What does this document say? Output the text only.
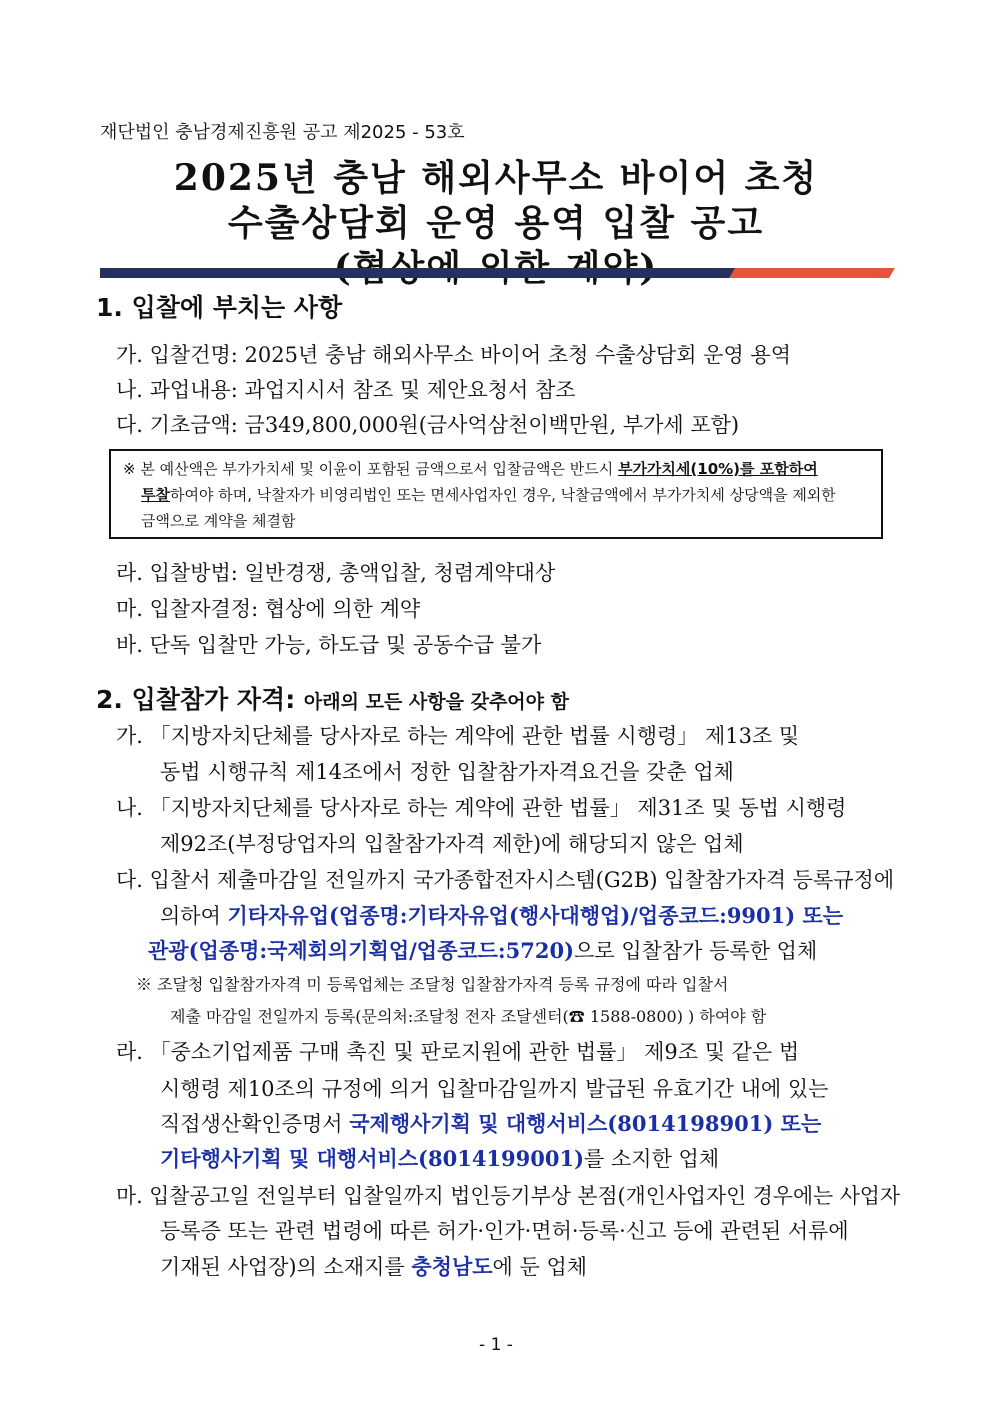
재단법인 충남경제진흥원 공고 제2025 - 53호
2025년 충남 해외사무소 바이어 초청
수출상담회 운영 용역 입찰 공고
1. 입찰에 부치는 사항
가. 입찰건명: 2025년 충남 해외사무소 바이어 초청 수출상담회 운영 용역
나. 과업내용: 과업지시서 참조 및 제안요청서 참조
다. 기초금액: 금349,800,000원(금사억삼천이백만원, 부가세 포함)
※ 본 예산액은 부가가치세 및 이윤이 포함된 금액으로서 입찰금액은 반드시 부가가치세(10%)를 포함하여
투찰하여야 하며, 낙찰자가 비영리법인 또는 면세사업자인 경우, 낙찰금액에서 부가가치세 상당액을 제외한
금액으로 계약을 체결함
라. 입찰방법: 일반경쟁, 총액입찰, 청렴계약대상
마. 입찰자결정: 협상에 의한 계약
바. 단독 입찰만 가능, 하도급 및 공동수급 불가
2. 입찰참가 자격: 아래의 모든 사항을 갖추어야 함
가. 「지방자치단체를 당사자로 하는 계약에 관한 법률 시행령」 제13조 및
동법 시행규칙 제14조에서 정한 입찰참가자격요건을 갖춘 업체
나. 「지방자치단체를 당사자로 하는 계약에 관한 법률」 제31조 및 동법 시행령
제92조(부정당업자의 입찰참가자격 제한)에 해당되지 않은 업체
다. 입찰서 제출마감일 전일까지 국가종합전자시스템(G2B) 입찰참가자격 등록규정에
의하여 기타자유업(업종명:기타자유업(행사대행업)/업종코드:9901) 또는
관광(업종명:국제회의기획업/업종코드:5720)으로 입찰참가 등록한 업체
※ 조달청 입찰참가자격 미 등록업체는 조달청 입찰참가자격 등록 규정에 따라 입찰서
제출 마감일 전일까지 등록(문의처:조달청 전자 조달센터(☎ 1588-0800) ) 하여야 함
라. 「중소기업제품 구매 촉진 및 판로지원에 관한 법률」 제9조 및 같은 법
시행령 제10조의 규정에 의거 입찰마감일까지 발급된 유효기간 내에 있는
직접생산확인증명서 국제행사기획 및 대행서비스(8014198901) 또는
기타행사기획 및 대행서비스(8014199001)를 소지한 업체
마. 입찰공고일 전일부터 입찰일까지 법인등기부상 본점(개인사업자인 경우에는 사업자
등록증 또는 관련 법령에 따른 허가·인가·면허·등록·신고 등에 관련된 서류에
기재된 사업장)의 소재지를 충청남도에 둔 업체
- 1 -
